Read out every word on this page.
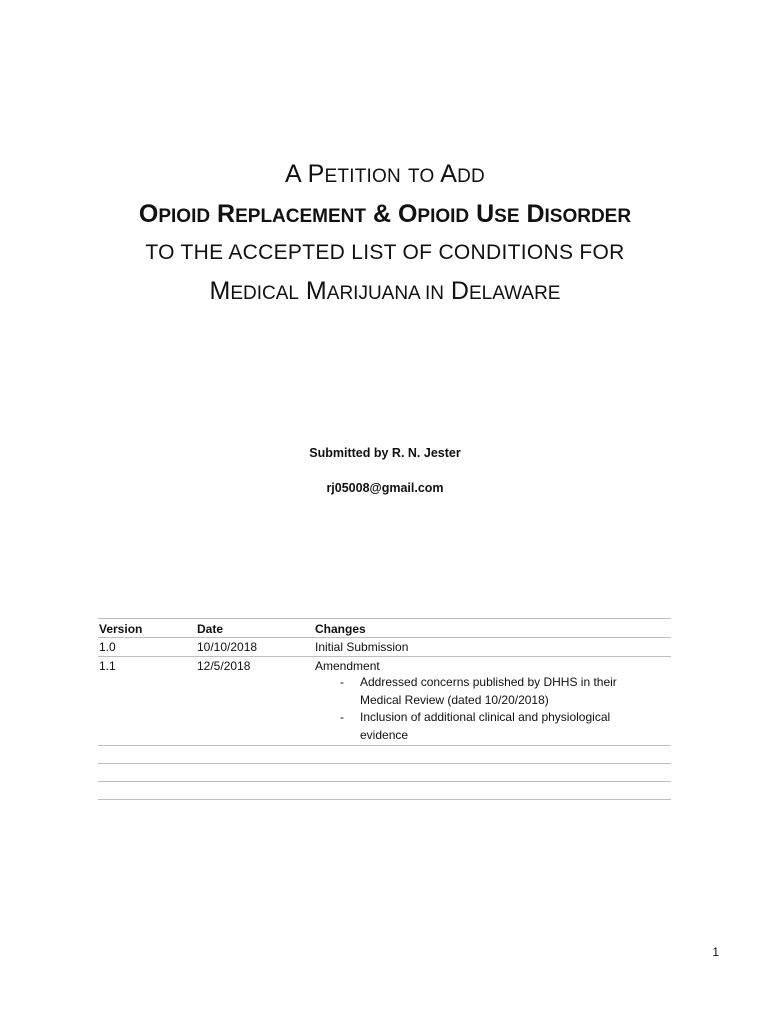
A PETITION TO ADD
OPIOID REPLACEMENT & OPIOID USE DISORDER
TO THE ACCEPTED LIST OF CONDITIONS FOR
MEDICAL MARIJUANA IN DELAWARE
Submitted by R. N. Jester
rj05008@gmail.com
Version	Date	Changes
1.0	10/10/2018	Initial Submission
1.1	12/5/2018	Amendment
- Addressed concerns published by DHHS in their
Medical Review (dated 10/20/2018)
- Inclusion of additional clinical and physiological
evidence
1
